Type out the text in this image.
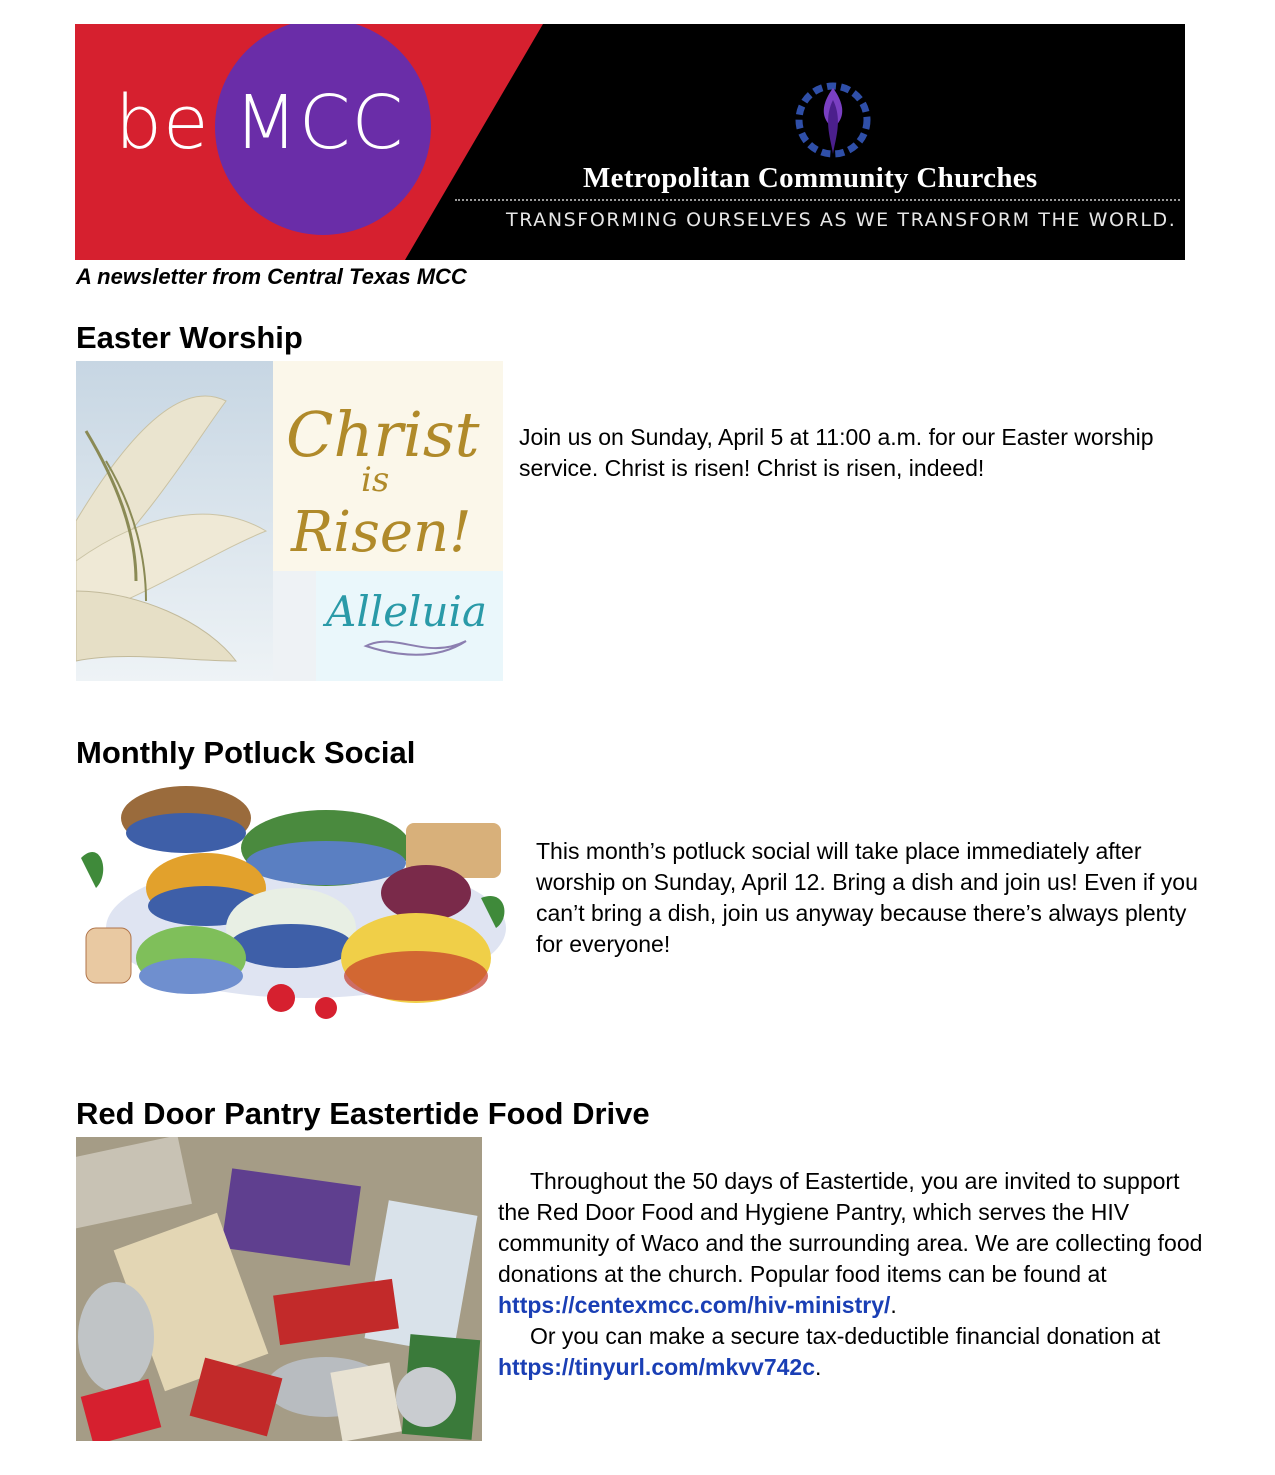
be MCC
Metropolitan Community Churches
TRANSFORMING OURSELVES AS WE TRANSFORM THE WORLD.
A newsletter from Central Texas MCC
Easter Worship
Christ
is
Risen!
Alleluia

Join us on Sunday, April 5 at 11:00 a.m. for our Easter worship service. Christ is risen! Christ is risen, indeed!

Monthly Potluck Social

This month’s potluck social will take place immediately after worship on Sunday, April 12. Bring a dish and join us! Even if you can’t bring a dish, join us anyway because there’s always plenty for everyone!

Red Door Pantry Eastertide Food Drive

Throughout the 50 days of Eastertide, you are invited to support the Red Door Food and Hygiene Pantry, which serves the HIV community of Waco and the surrounding area. We are collecting food donations at the church. Popular food items can be found at https://centexmcc.com/hiv-ministry/.

Or you can make a secure tax-deductible financial donation at https://tinyurl.com/mkvv742c.
